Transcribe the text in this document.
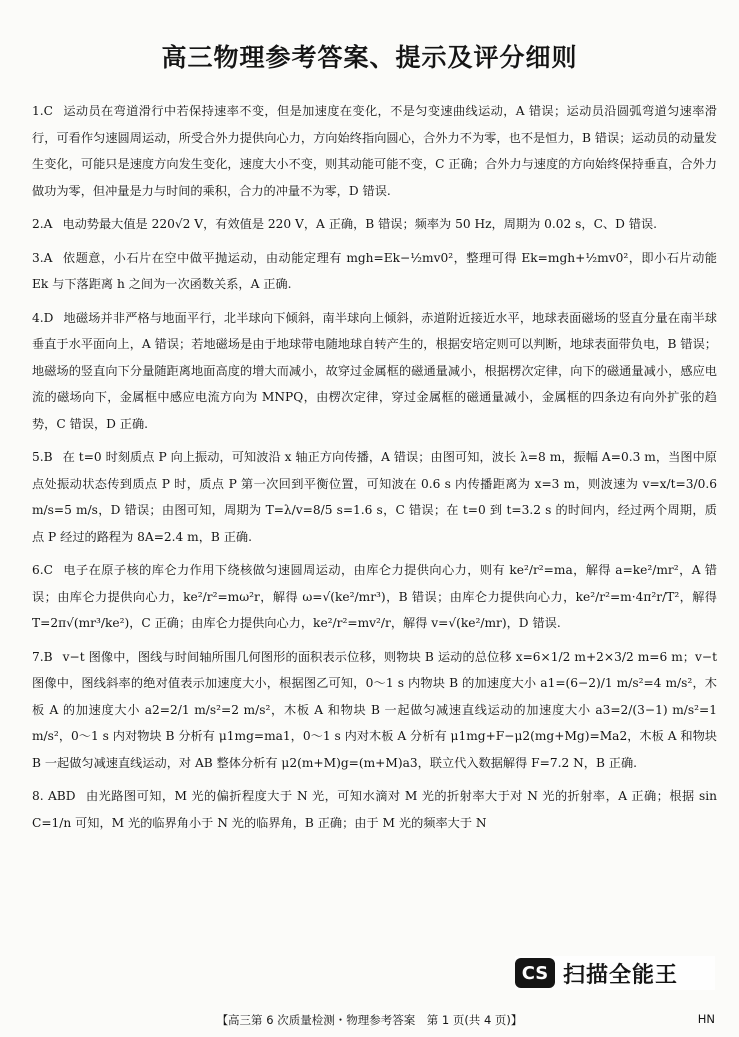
高三物理参考答案、提示及评分细则

1.C 运动员在弯道滑行中若保持速率不变，但是加速度在变化，不是匀变速曲线运动，A 错误；运动员沿圆弧弯道匀速率滑行，可看作匀速圆周运动，所受合外力提供向心力，方向始终指向圆心，合外力不为零，也不是恒力，B 错误；运动员的动量发生变化，可能只是速度方向发生变化，速度大小不变，则其动能可能不变，C 正确；合外力与速度的方向始终保持垂直，合外力做功为零，但冲量是力与时间的乘积，合力的冲量不为零，D 错误.

2.A 电动势最大值是 220√2 V，有效值是 220 V，A 正确，B 错误；频率为 50 Hz，周期为 0.02 s，C、D 错误.

3.A 依题意，小石片在空中做平抛运动，由动能定理有 mgh=Ek−½mv0²，整理可得 Ek=mgh+½mv0²，即小石片动能 Ek 与下落距离 h 之间为一次函数关系，A 正确.

4.D 地磁场并非严格与地面平行，北半球向下倾斜，南半球向上倾斜，赤道附近接近水平，地球表面磁场的竖直分量在南半球垂直于水平面向上，A 错误；若地磁场是由于地球带电随地球自转产生的，根据安培定则可以判断，地球表面带负电，B 错误；地磁场的竖直向下分量随距离地面高度的增大而减小，故穿过金属框的磁通量减小，根据楞次定律，向下的磁通量减小，感应电流的磁场向下，金属框中感应电流方向为 MNPQ，由楞次定律，穿过金属框的磁通量减小，金属框的四条边有向外扩张的趋势，C 错误，D 正确.

5.B 在 t=0 时刻质点 P 向上振动，可知波沿 x 轴正方向传播，A 错误；由图可知，波长 λ=8 m，振幅 A=0.3 m，当图中原点处振动状态传到质点 P 时，质点 P 第一次回到平衡位置，可知波在 0.6 s 内传播距离为 x=3 m，则波速为 v=x/t=3/0.6 m/s=5 m/s，D 错误；由图可知，周期为 T=λ/v=8/5 s=1.6 s，C 错误；在 t=0 到 t=3.2 s 的时间内，经过两个周期，质点 P 经过的路程为 8A=2.4 m，B 正确.

6.C 电子在原子核的库仑力作用下绕核做匀速圆周运动，由库仑力提供向心力，则有 ke²/r²=ma，解得 a=ke²/mr²，A 错误；由库仑力提供向心力，ke²/r²=mω²r，解得 ω=√(ke²/mr³)，B 错误；由库仑力提供向心力，ke²/r²=m·4π²r/T²，解得 T=2π√(mr³/ke²)，C 正确；由库仑力提供向心力，ke²/r²=mv²/r，解得 v=√(ke²/mr)，D 错误.

7.B v−t 图像中，图线与时间轴所围几何图形的面积表示位移，则物块 B 运动的总位移 x=6×1/2 m+2×3/2 m=6 m；v−t 图像中，图线斜率的绝对值表示加速度大小，根据图乙可知，0～1 s 内物块 B 的加速度大小 a1=(6−2)/1 m/s²=4 m/s²，木板 A 的加速度大小 a2=2/1 m/s²=2 m/s²，木板 A 和物块 B 一起做匀减速直线运动的加速度大小 a3=2/(3−1) m/s²=1 m/s²，0～1 s 内对物块 B 分析有 μ1mg=ma1，0～1 s 内对木板 A 分析有 μ1mg+F−μ2(mg+Mg)=Ma2，木板 A 和物块 B 一起做匀减速直线运动，对 AB 整体分析有 μ2(m+M)g=(m+M)a3，联立代入数据解得 F=7.2 N，B 正确.

8. ABD 由光路图可知，M 光的偏折程度大于 N 光，可知水滴对 M 光的折射率大于对 N 光的折射率，A 正确；根据 sin C=1/n 可知，M 光的临界角小于 N 光的临界角，B 正确；由于 M 光的频率大于 N

CS 扫描全能王
【高三第 6 次质量检测・物理参考答案　第 1 页(共 4 页)】	HN
